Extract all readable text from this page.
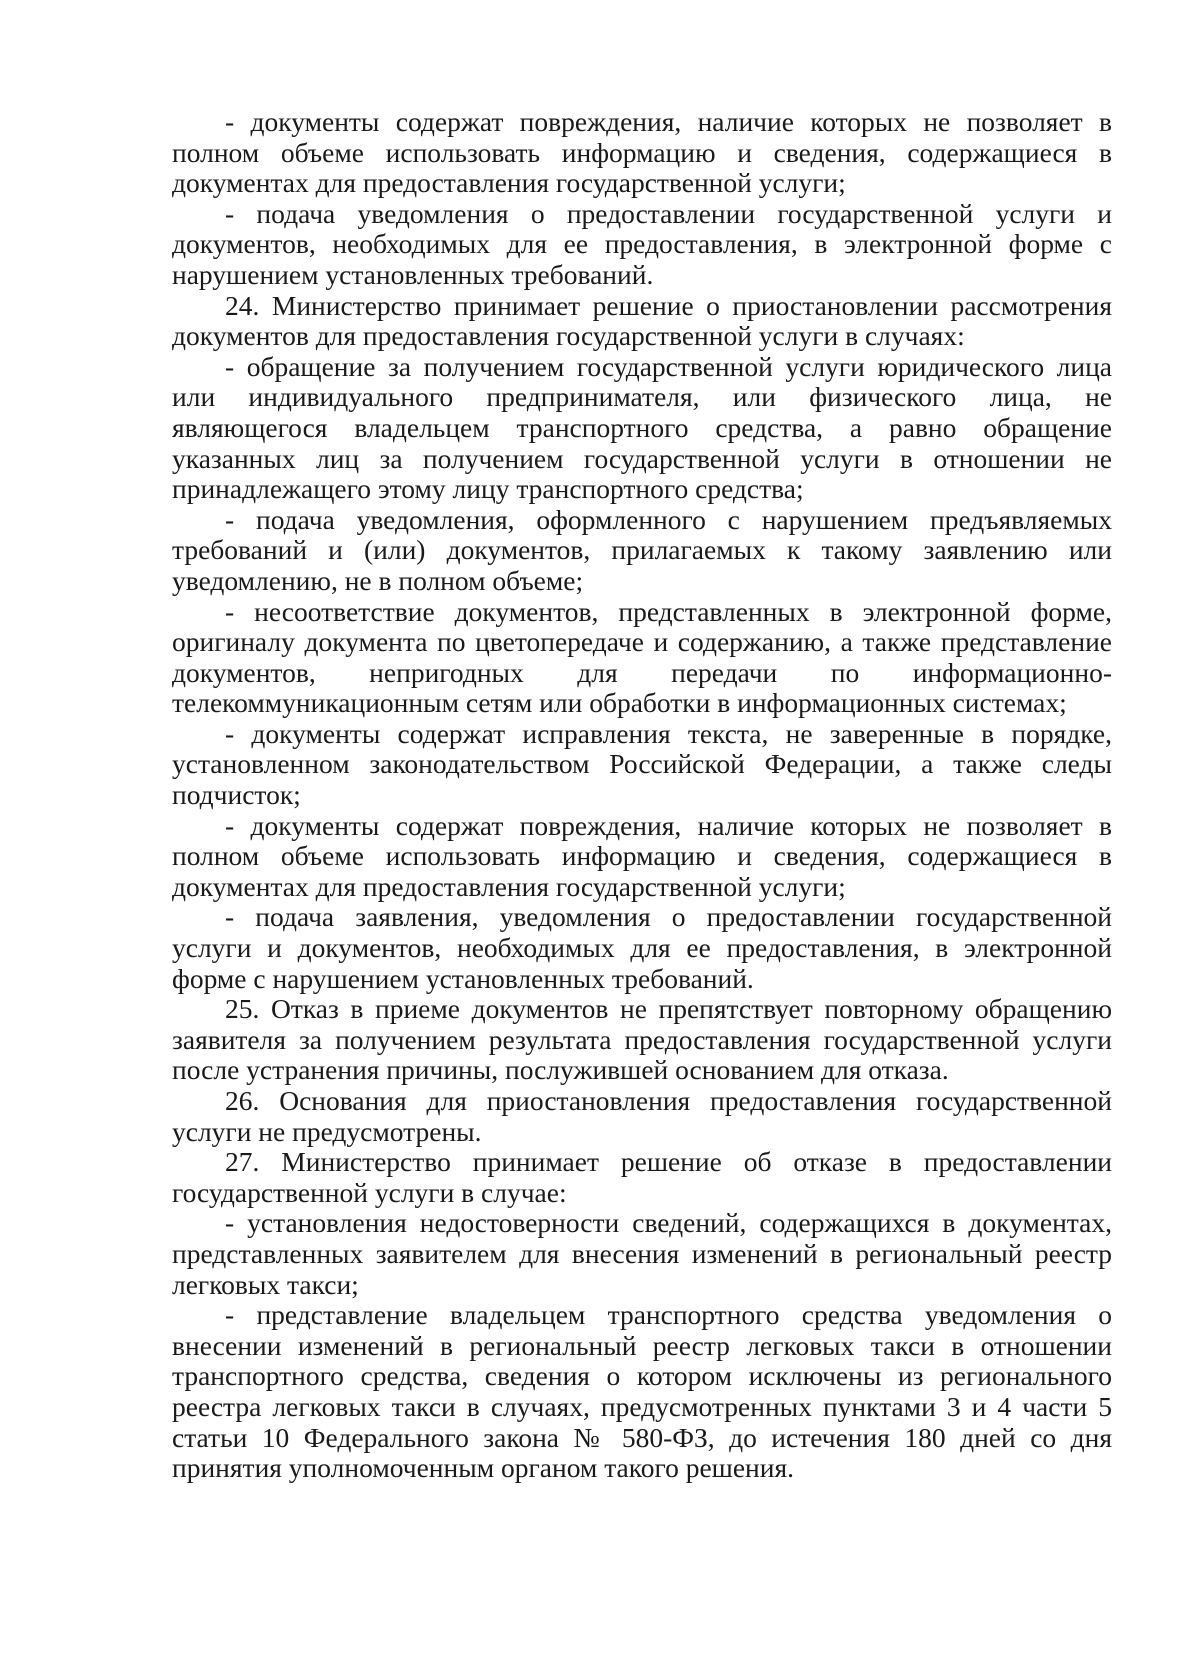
- документы содержат повреждения, наличие которых не позволяет в полном объеме использовать информацию и сведения, содержащиеся в документах для предоставления государственной услуги;

- подача уведомления о предоставлении государственной услуги и документов, необходимых для ее предоставления, в электронной форме с нарушением установленных требований.

24. Министерство принимает решение о приостановлении рассмотрения документов для предоставления государственной услуги в случаях:

- обращение за получением государственной услуги юридического лица или индивидуального предпринимателя, или физического лица, не являющегося владельцем транспортного средства, а равно обращение указанных лиц за получением государственной услуги в отношении не принадлежащего этому лицу транспортного средства;

- подача уведомления, оформленного с нарушением предъявляемых требований и (или) документов, прилагаемых к такому заявлению или уведомлению, не в полном объеме;

- несоответствие документов, представленных в электронной форме, оригиналу документа по цветопередаче и содержанию, а также представление документов, непригодных для передачи по информационно-телекоммуникационным сетям или обработки в информационных системах;

- документы содержат исправления текста, не заверенные в порядке, установленном законодательством Российской Федерации, а также следы подчисток;

- документы содержат повреждения, наличие которых не позволяет в полном объеме использовать информацию и сведения, содержащиеся в документах для предоставления государственной услуги;

- подача заявления, уведомления о предоставлении государственной услуги и документов, необходимых для ее предоставления, в электронной форме с нарушением установленных требований.

25. Отказ в приеме документов не препятствует повторному обращению заявителя за получением результата предоставления государственной услуги после устранения причины, послужившей основанием для отказа.

26. Основания для приостановления предоставления государственной услуги не предусмотрены.

27. Министерство принимает решение об отказе в предоставлении государственной услуги в случае:

- установления недостоверности сведений, содержащихся в документах, представленных заявителем для внесения изменений в региональный реестр легковых такси;

- представление владельцем транспортного средства уведомления о внесении изменений в региональный реестр легковых такси в отношении транспортного средства, сведения о котором исключены из регионального реестра легковых такси в случаях, предусмотренных пунктами 3 и 4 части 5 статьи 10 Федерального закона № 580-ФЗ, до истечения 180 дней со дня принятия уполномоченным органом такого решения.
